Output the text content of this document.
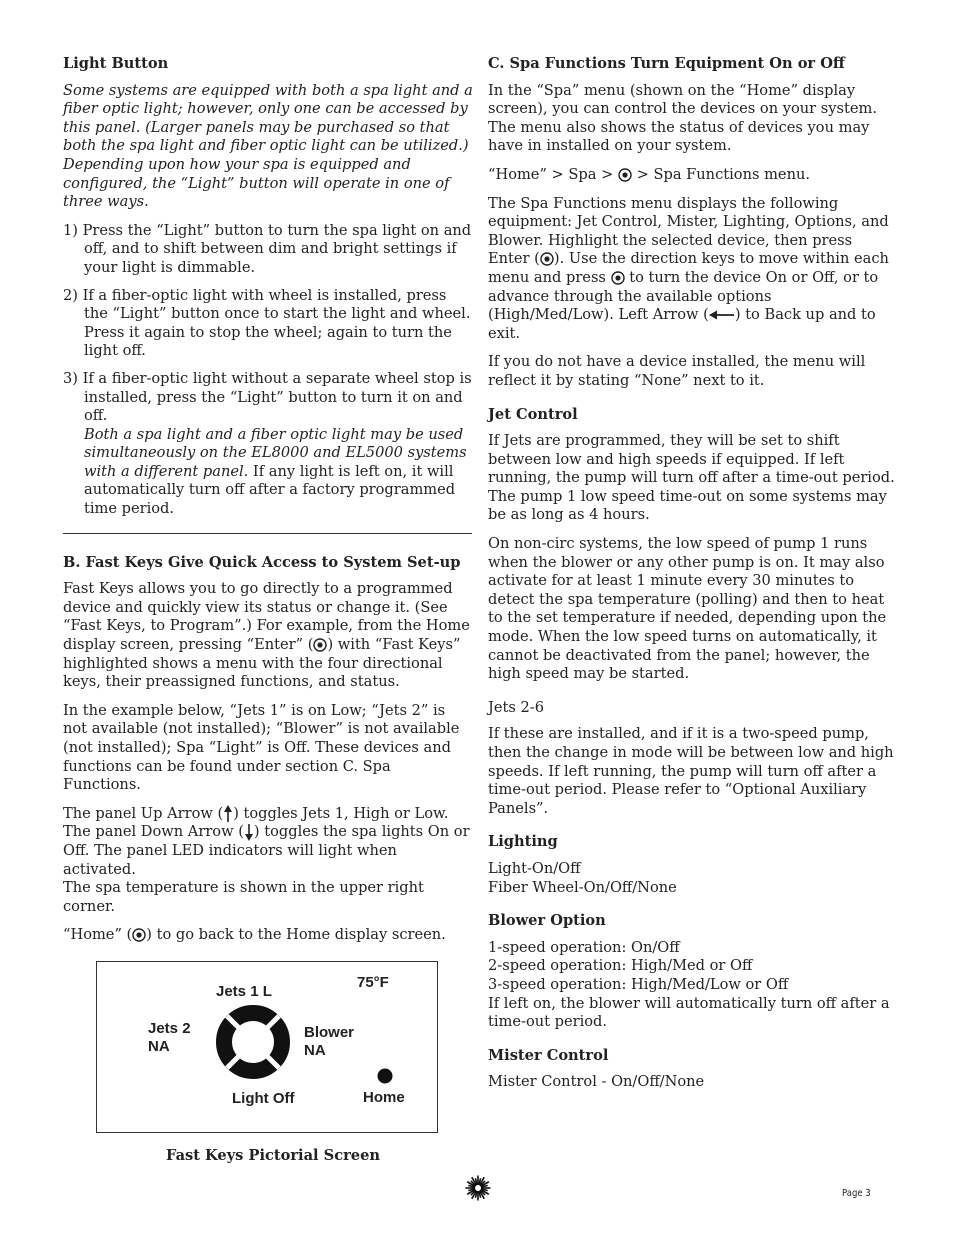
Light Button

Some systems are equipped with both a spa light and a fiber optic light; however, only one can be accessed by this panel. (Larger panels may be purchased so that both the spa light and fiber optic light can be utilized.) Depending upon how your spa is equipped and configured, the “Light” button will operate in one of three ways.

1) Press the “Light” button to turn the spa light on and off, and to shift between dim and bright settings if your light is dimmable.
2) If a fiber-optic light with wheel is installed, press the “Light” button once to start the light and wheel. Press it again to stop the wheel; again to turn the light off.
3) If a fiber-optic light without a separate wheel stop is installed, press the “Light” button to turn it on and off.
Both a spa light and a fiber optic light may be used simultaneously on the EL8000 and EL5000 systems with a different panel. If any light is left on, it will automatically turn off after a factory programmed time period.
B. Fast Keys Give Quick Access to System Set-up

Fast Keys allows you to go directly to a programmed device and quickly view its status or change it. (See “Fast Keys, to Program”.) For example, from the Home display screen, pressing “Enter” ( ) with “Fast Keys” highlighted shows a menu with the four directional keys, their preassigned functions, and status.

In the example below, “Jets 1” is on Low; “Jets 2” is not available (not installed); “Blower” is not available (not installed); Spa “Light” is Off. These devices and functions can be found under section C. Spa Functions.

The panel Up Arrow ( ) toggles Jets 1, High or Low. The panel Down Arrow ( ) toggles the spa lights On or Off. The panel LED indicators will light when activated.
The spa temperature is shown in the upper right corner.

“Home” ( ) to go back to the Home display screen.

Jets 1 L
75°F
Jets 2
NA
Blower
NA
Light Off	Home
Fast Keys Pictorial Screen
C. Spa Functions Turn Equipment On or Off

In the “Spa” menu (shown on the “Home” display screen), you can control the devices on your system. The menu also shows the status of devices you may have in installed on your system.

“Home” > Spa > > Spa Functions menu.

The Spa Functions menu displays the following equipment: Jet Control, Mister, Lighting, Options, and Blower. Highlight the selected device, then press Enter ( ). Use the direction keys to move within each menu and press to turn the device On or Off, or to advance through the available options (High/Med/Low). Left Arrow ( ) to Back up and to exit.

If you do not have a device installed, the menu will reflect it by stating “None” next to it.

Jet Control

If Jets are programmed, they will be set to shift between low and high speeds if equipped. If left running, the pump will turn off after a time-out period. The pump 1 low speed time-out on some systems may be as long as 4 hours.

On non-circ systems, the low speed of pump 1 runs when the blower or any other pump is on. It may also activate for at least 1 minute every 30 minutes to detect the spa temperature (polling) and then to heat to the set temperature if needed, depending upon the mode. When the low speed turns on automatically, it cannot be deactivated from the panel; however, the high speed may be started.

Jets 2-6

If these are installed, and if it is a two-speed pump, then the change in mode will be between low and high speeds. If left running, the pump will turn off after a time-out period. Please refer to “Optional Auxiliary Panels”.

Lighting

Light-On/Off
Fiber Wheel-On/Off/None

Blower Option

1-speed operation: On/Off
2-speed operation: High/Med or Off
3-speed operation: High/Med/Low or Off
If left on, the blower will automatically turn off after a time-out period.

Mister Control

Mister Control - On/Off/None

Page 3
